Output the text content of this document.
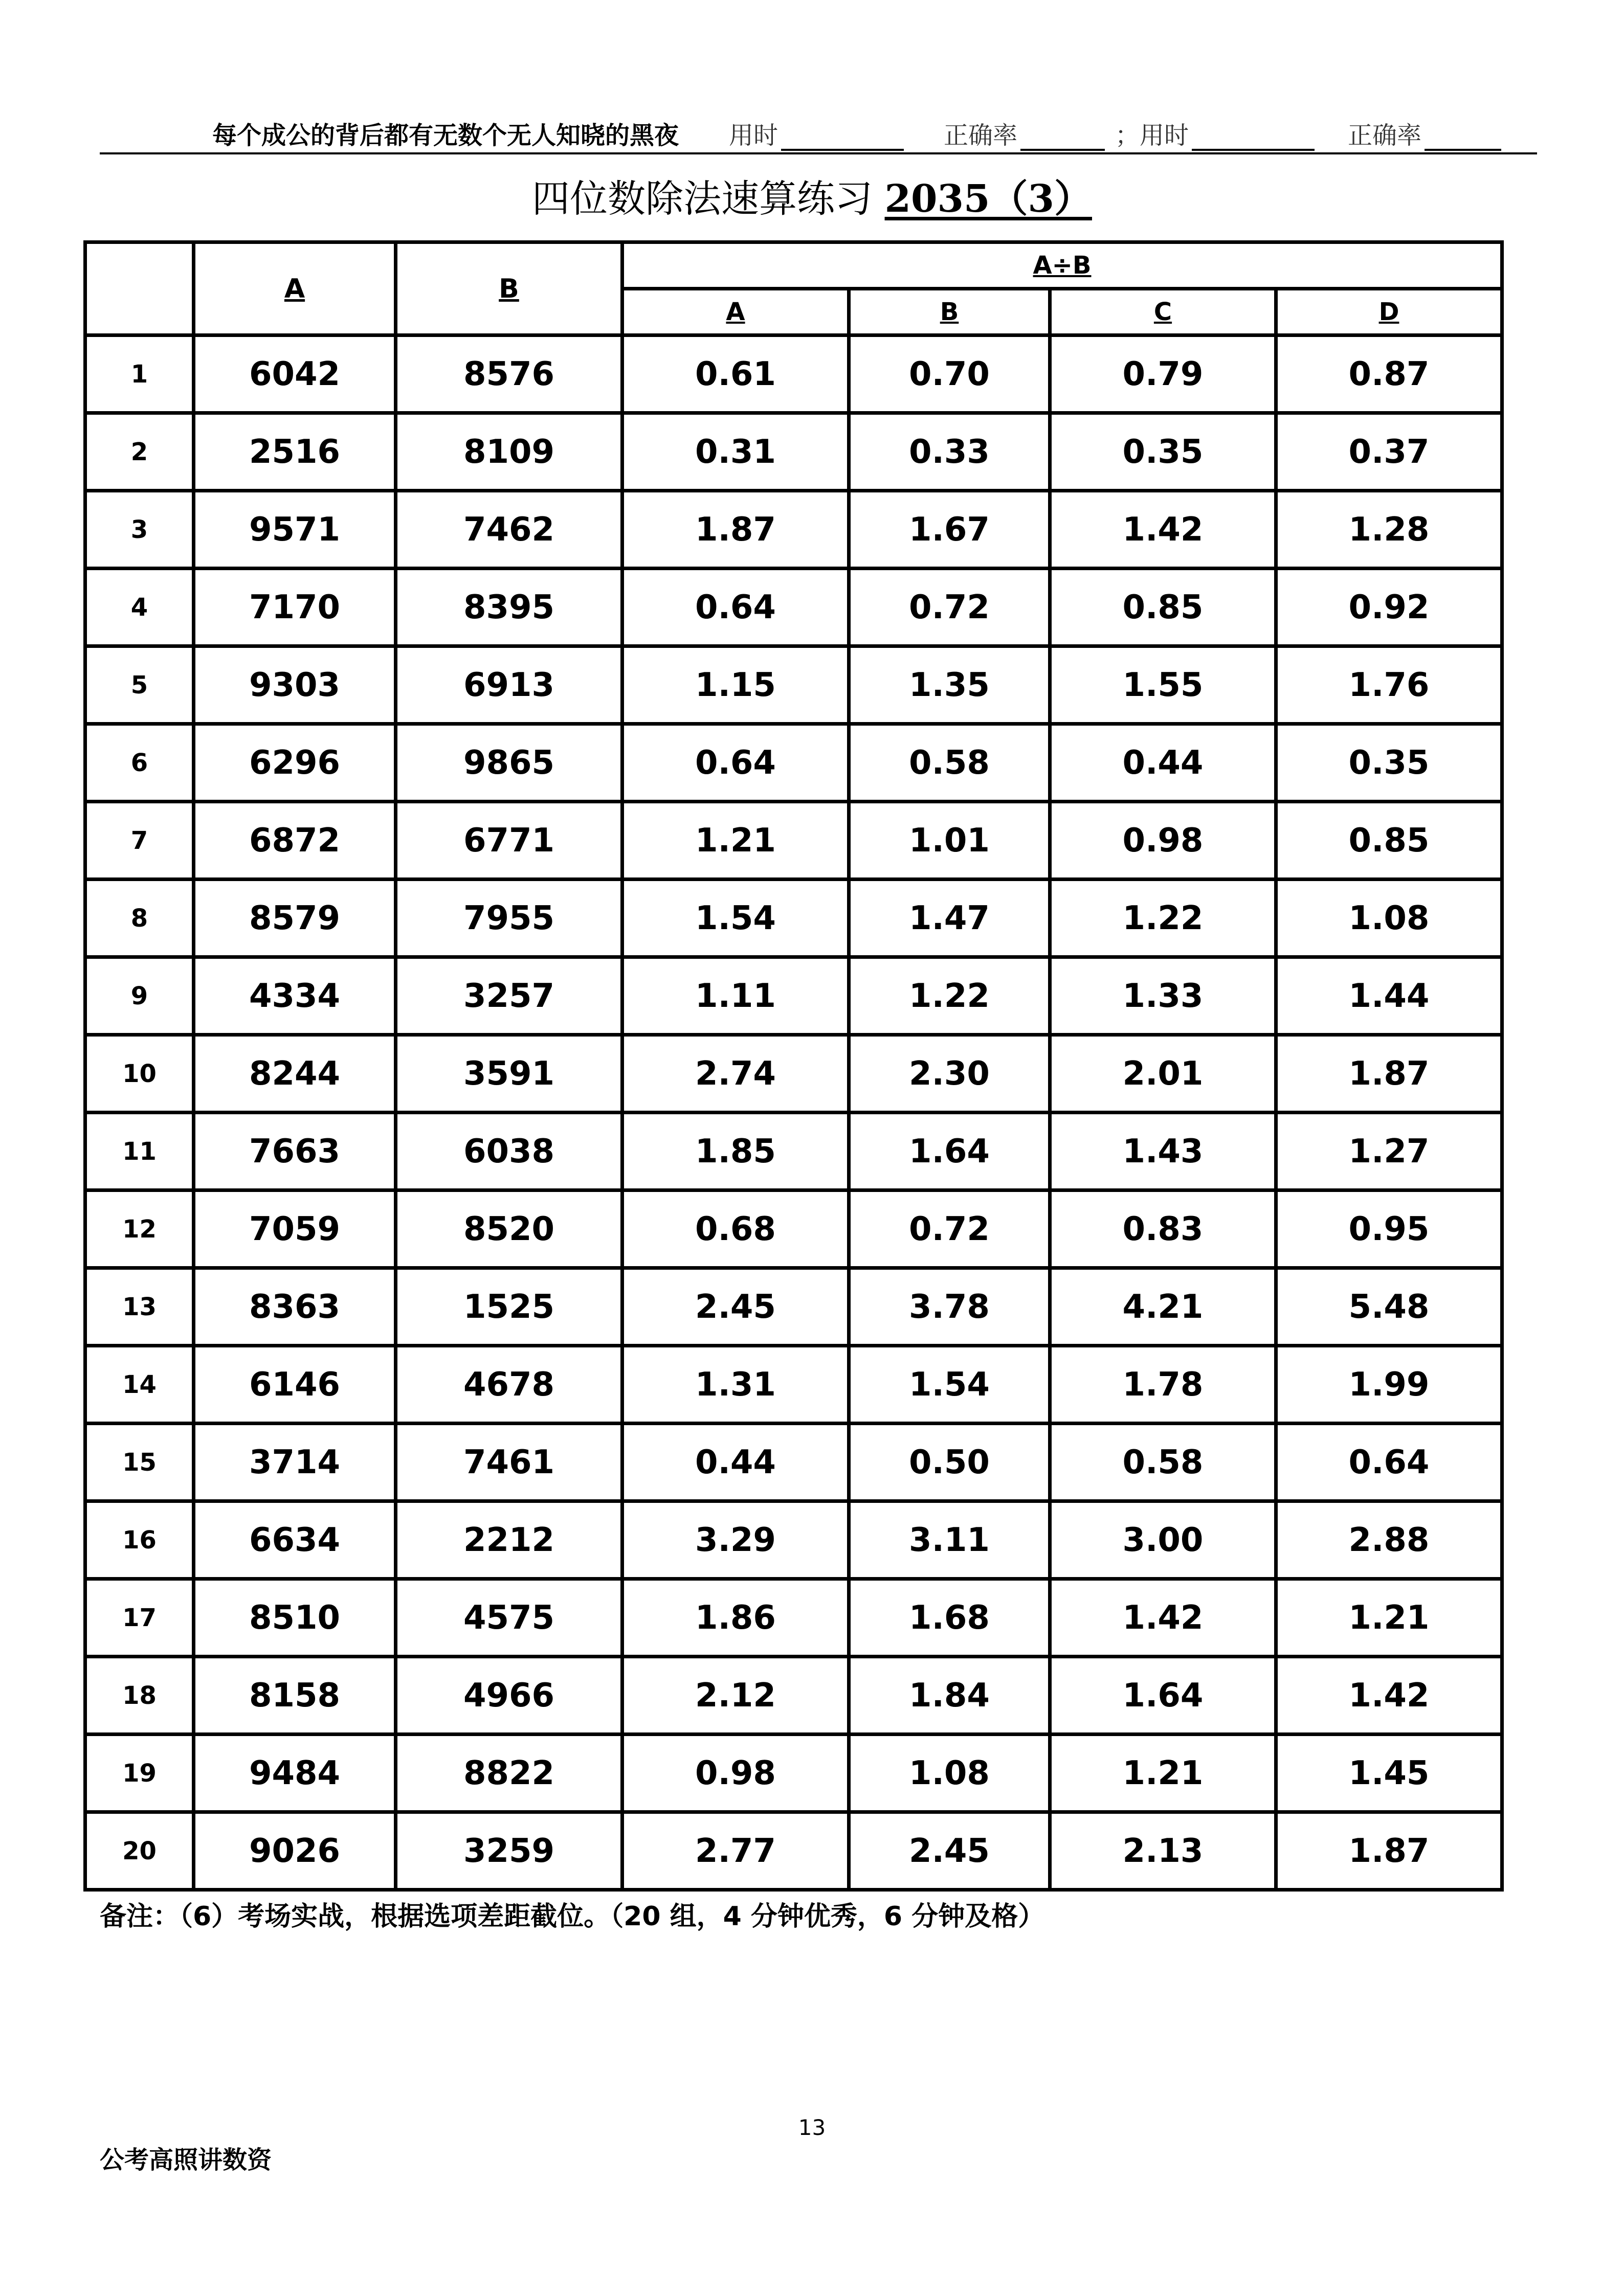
每个成公的背后都有无数个无人知晓的黑夜 用时	正确率	；用时	正确率
四位数除法速算练习 2035（3）
	A	B	A÷B			
			A	B	C	D
1	6042	8576	0.61	0.70	0.79	0.87
2	2516	8109	0.31	0.33	0.35	0.37
3	9571	7462	1.87	1.67	1.42	1.28
4	7170	8395	0.64	0.72	0.85	0.92
5	9303	6913	1.15	1.35	1.55	1.76
6	6296	9865	0.64	0.58	0.44	0.35
7	6872	6771	1.21	1.01	0.98	0.85
8	8579	7955	1.54	1.47	1.22	1.08
9	4334	3257	1.11	1.22	1.33	1.44
10	8244	3591	2.74	2.30	2.01	1.87
11	7663	6038	1.85	1.64	1.43	1.27
12	7059	8520	0.68	0.72	0.83	0.95
13	8363	1525	2.45	3.78	4.21	5.48
14	6146	4678	1.31	1.54	1.78	1.99
15	3714	7461	0.44	0.50	0.58	0.64
16	6634	2212	3.29	3.11	3.00	2.88
17	8510	4575	1.86	1.68	1.42	1.21
18	8158	4966	2.12	1.84	1.64	1.42
19	9484	8822	0.98	1.08	1.21	1.45
20	9026	3259	2.77	2.45	2.13	1.87
备注：（6）考场实战，根据选项差距截位。（20 组，4 分钟优秀，6 分钟及格）
13
公考高照讲数资
